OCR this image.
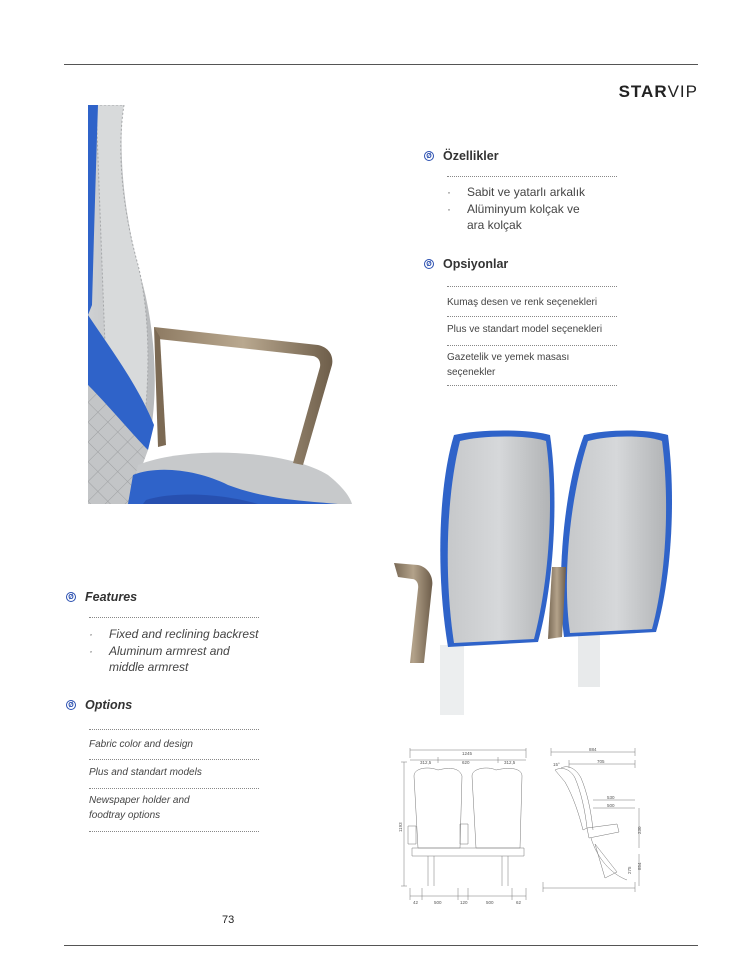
STARVIP
Ø Özellikler
· Sabit ve yatarlı arkalık
· Alüminyum kolçak ve
ara kolçak
Ø Opsiyonlar
Kumaş desen ve renk seçenekleri
Plus ve standart model seçenekleri
Gazetelik ve yemek masası
seçenekler
Ø Features
· Fixed and reclining backrest
· Aluminum armrest and
middle armrest
Ø Options
Fabric color and design
Plus and standart models
Newspaper holder and
foodtray options
1245
312,5	620	312,5
42	500	120	500	62
1193
884
705
15°
530
500
230
275
854
73
